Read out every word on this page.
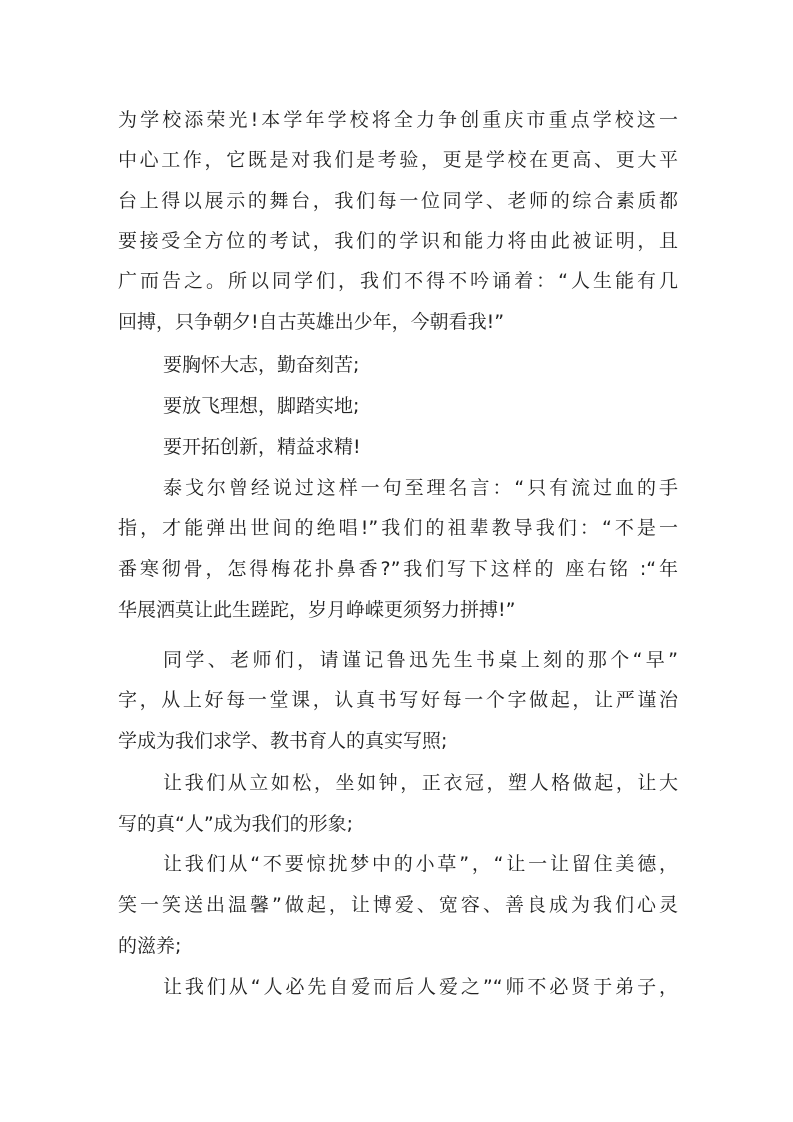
为学校添荣光!本学年学校将全力争创重庆市重点学校这一
中心工作，它既是对我们是考验，更是学校在更高、更大平
台上得以展示的舞台，我们每一位同学、老师的综合素质都
要接受全方位的考试，我们的学识和能力将由此被证明，且
广而告之。所以同学们，我们不得不吟诵着：“人生能有几
回搏，只争朝夕!自古英雄出少年，今朝看我!”
要胸怀大志，勤奋刻苦;
要放飞理想，脚踏实地;
要开拓创新，精益求精!
泰戈尔曾经说过这样一句至理名言：“只有流过血的手
指，才能弹出世间的绝唱!”我们的祖辈教导我们：“不是一
番寒彻骨，怎得梅花扑鼻香?”我们写下这样的 座右铭 :“年
华展洒莫让此生蹉跎，岁月峥嵘更须努力拼搏!”
同学、老师们，请谨记鲁迅先生书桌上刻的那个“早”
字，从上好每一堂课，认真书写好每一个字做起，让严谨治
学成为我们求学、教书育人的真实写照;
让我们从立如松，坐如钟，正衣冠，塑人格做起，让大
写的真“人”成为我们的形象;
让我们从“不要惊扰梦中的小草”，“让一让留住美德，
笑一笑送出温馨”做起，让博爱、宽容、善良成为我们心灵
的滋养;
让我们从“人必先自爱而后人爱之”“师不必贤于弟子，
